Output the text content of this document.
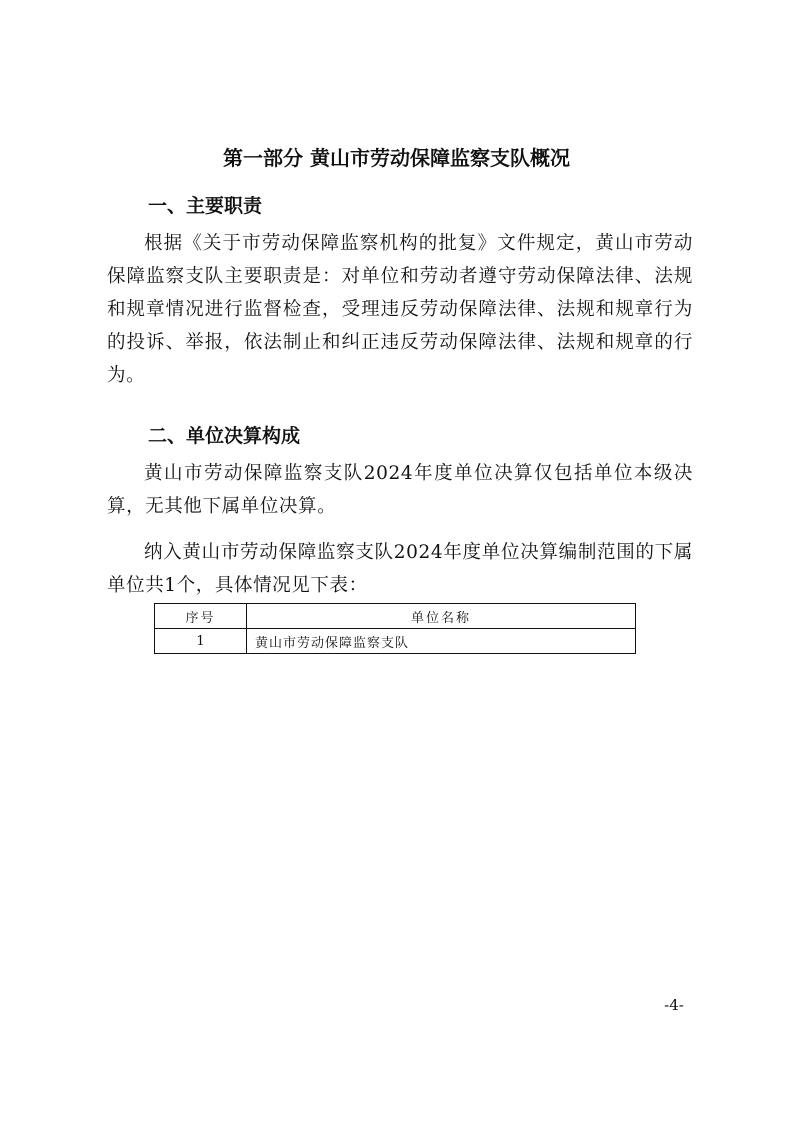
第一部分 黄山市劳动保障监察支队概况
一、主要职责
根据《关于市劳动保障监察机构的批复》文件规定，黄山市劳动保障监察支队主要职责是：对单位和劳动者遵守劳动保障法律、法规和规章情况进行监督检查，受理违反劳动保障法律、法规和规章行为的投诉、举报，依法制止和纠正违反劳动保障法律、法规和规章的行为。
二、单位决算构成
黄山市劳动保障监察支队2024年度单位决算仅包括单位本级决算，无其他下属单位决算。
纳入黄山市劳动保障监察支队2024年度单位决算编制范围的下属单位共1个，具体情况见下表：
序号	单位名称
1	黄山市劳动保障监察支队
-4-
